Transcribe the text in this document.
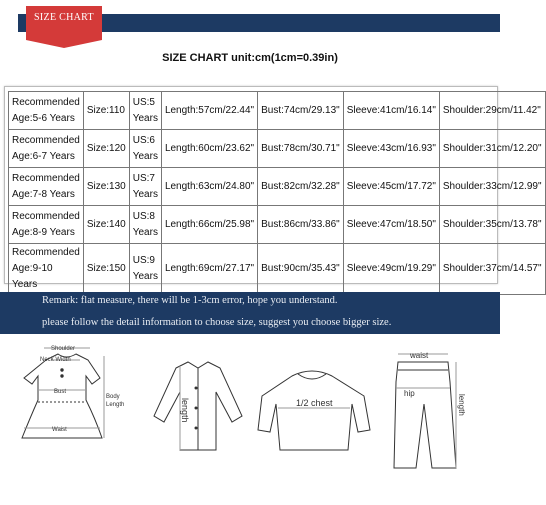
SIZE CHART
SIZE CHART unit:cm(1cm=0.39in)
Recommended Age:5-6 Years	Size:110	US:5 Years	Length:57cm/22.44"	Bust:74cm/29.13"	Sleeve:41cm/16.14"	Shoulder:29cm/11.42"
Recommended Age:6-7 Years	Size:120	US:6 Years	Length:60cm/23.62"	Bust:78cm/30.71"	Sleeve:43cm/16.93"	Shoulder:31cm/12.20"
Recommended Age:7-8 Years	Size:130	US:7 Years	Length:63cm/24.80"	Bust:82cm/32.28"	Sleeve:45cm/17.72"	Shoulder:33cm/12.99"
Recommended Age:8-9 Years	Size:140	US:8 Years	Length:66cm/25.98"	Bust:86cm/33.86"	Sleeve:47cm/18.50"	Shoulder:35cm/13.78"
Recommended Age:9-10 Years	Size:150	US:9 Years	Length:69cm/27.17"	Bust:90cm/35.43"	Sleeve:49cm/19.29"	Shoulder:37cm/14.57"
Remark: flat measure, there will be 1-3cm error, hope you understand.
please follow the detail information to choose size, suggest you choose bigger size.
Shoulder
Neck Width
Body
Length
Bust
Waist
length	1/2 chest
waist
hip
length
